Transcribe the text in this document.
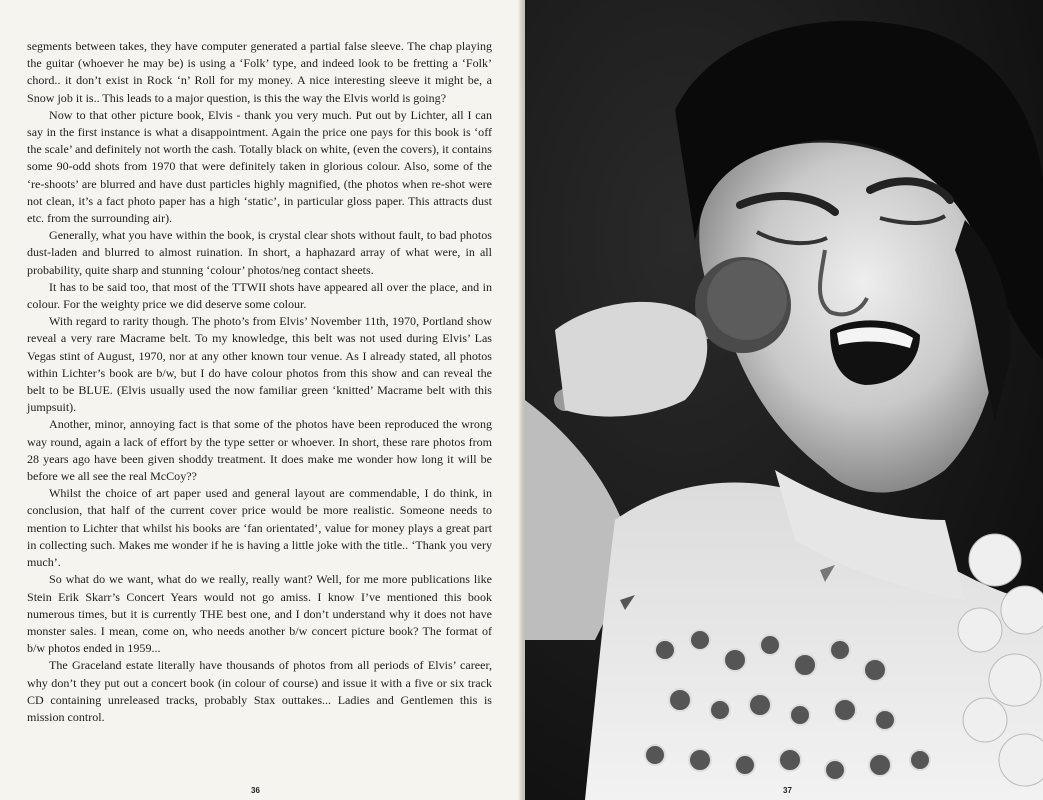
segments between takes, they have computer generated a partial false sleeve. The chap playing the guitar (whoever he may be) is using a ‘Folk’ type, and indeed look to be fretting a ‘Folk’ chord.. it don’t exist in Rock ‘n’ Roll for my money. A nice interesting sleeve it might be, a Snow job it is.. This leads to a major question, is this the way the Elvis world is going?

Now to that other picture book, Elvis - thank you very much. Put out by Lichter, all I can say in the first instance is what a disappointment. Again the price one pays for this book is ‘off the scale’ and definitely not worth the cash. Totally black on white, (even the covers), it contains some 90-odd shots from 1970 that were definitely taken in glorious colour. Also, some of the ‘re-shoots’ are blurred and have dust particles highly magnified, (the photos when re-shot were not clean, it’s a fact photo paper has a high ‘static’, in particular gloss paper. This attracts dust etc. from the surrounding air).

Generally, what you have within the book, is crystal clear shots without fault, to bad photos dust-laden and blurred to almost ruination. In short, a haphazard array of what were, in all probability, quite sharp and stunning ‘colour’ photos/neg contact sheets.

It has to be said too, that most of the TTWII shots have appeared all over the place, and in colour. For the weighty price we did deserve some colour.

With regard to rarity though. The photo’s from Elvis’ November 11th, 1970, Portland show reveal a very rare Macrame belt. To my knowledge, this belt was not used during Elvis’ Las Vegas stint of August, 1970, nor at any other known tour venue. As I already stated, all photos within Lichter’s book are b/w, but I do have colour photos from this show and can reveal the belt to be BLUE. (Elvis usually used the now familiar green ‘knitted’ Macrame belt with this jumpsuit).

Another, minor, annoying fact is that some of the photos have been reproduced the wrong way round, again a lack of effort by the type setter or whoever. In short, these rare photos from 28 years ago have been given shoddy treatment. It does make me wonder how long it will be before we all see the real McCoy??

Whilst the choice of art paper used and general layout are commendable, I do think, in conclusion, that half of the current cover price would be more realistic. Someone needs to mention to Lichter that whilst his books are ‘fan orientated’, value for money plays a great part in collecting such. Makes me wonder if he is having a little joke with the title.. ‘Thank you very much’.

So what do we want, what do we really, really want? Well, for me more publications like Stein Erik Skarr’s Concert Years would not go amiss. I know I’ve mentioned this book numerous times, but it is currently THE best one, and I don’t understand why it does not have monster sales. I mean, come on, who needs another b/w concert picture book? The format of b/w photos ended in 1959...

The Graceland estate literally have thousands of photos from all periods of Elvis’ career, why don’t they put out a concert book (in colour of course) and issue it with a five or six track CD containing unreleased tracks, probably Stax outtakes... Ladies and Gentlemen this is mission control.

36	37
